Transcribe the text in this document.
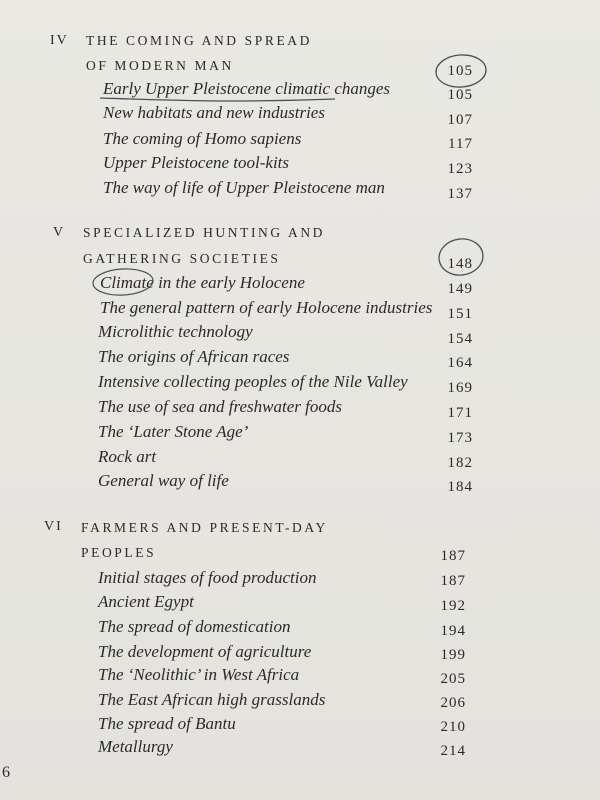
IV THE COMING AND SPREAD
OF MODERN MAN	105
Early Upper Pleistocene climatic changes	105
New habitats and new industries	107
The coming of Homo sapiens	117
Upper Pleistocene tool-kits	123
The way of life of Upper Pleistocene man	137
V SPECIALIZED HUNTING AND
GATHERING SOCIETIES	148
Climate in the early Holocene	149
The general pattern of early Holocene industries	151
Microlithic technology	154
The origins of African races	164
Intensive collecting peoples of the Nile Valley	169
The use of sea and freshwater foods	171
The ‘Later Stone Age’	173
Rock art	182
General way of life	184
VI FARMERS AND PRESENT-DAY
PEOPLES	187
Initial stages of food production	187
Ancient Egypt	192
The spread of domestication	194
The development of agriculture	199
The ‘Neolithic’ in West Africa	205
The East African high grasslands	206
The spread of Bantu	210
Metallurgy	214
6
